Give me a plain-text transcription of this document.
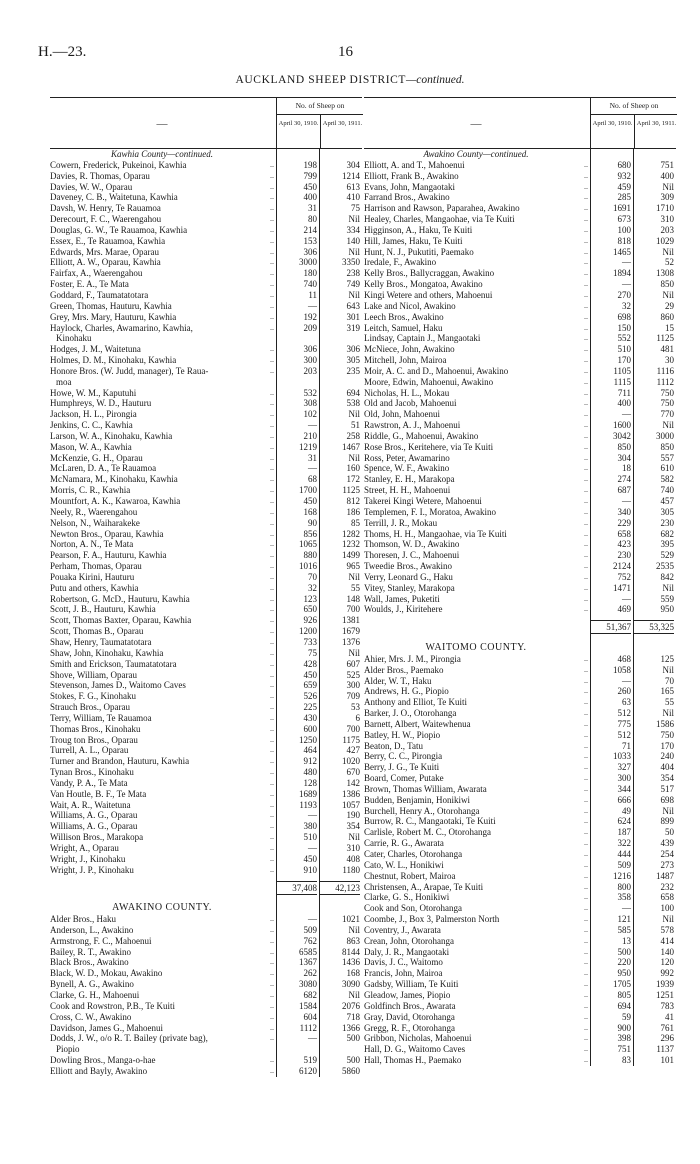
H.—23.	16
AUCKLAND SHEEP DISTRICT—continued.
—
No. of Sheep on
April 30, 1910. April 30, 1911.
Kawhia County—continued.
Cowern, Frederick, Pukeinoi, Kawhia	..	198	304
Davies, R. Thomas, Oparau	..	799	1214
Davies, W. W., Oparau	..	450	613
Daveney, C. B., Waitetuna, Kawhia	..	400	410
Davsh, W. Henry, Te Rauamoa	..	31	75
Derecourt, F. C., Waerengahou	..	80	Nil
Douglas, G. W., Te Rauamoa, Kawhia	..	214	334
Essex, E., Te Rauamoa, Kawhia	..	153	140
Edwards, Mrs. Marae, Oparau	..	306	Nil
Elliott, A. W., Oparau, Kawhia	..	3000	3350
Fairfax, A., Waerengahou	..	180	238
Foster, E. A., Te Mata	..	740	749
Goddard, F., Taumatatotara	..	11	Nil
Green, Thomas, Hauturu, Kawhia	..	—	643
Grey, Mrs. Mary, Hauturu, Kawhia	..	192	301
Haylock, Charles, Awamarino, Kawhia,	..	209	319
Kinohaku
Hodges, J. M., Waitetuna	..	306	306
Holmes, D. M., Kinohaku, Kawhia	..	300	305
Honore Bros. (W. Judd, manager), Te Raua-	..	203	235
moa
Howe, W. M., Kaputuhi	..	532	694
Humphreys, W. D., Hauturu	..	308	538
Jackson, H. L., Pirongia	..	102	Nil
Jenkins, C. C., Kawhia	..	—	51
Larson, W. A., Kinohaku, Kawhia	..	210	258
Mason, W. A., Kawhia	..	1219	1467
McKenzie, G. H., Oparau	..	31	Nil
McLaren, D. A., Te Rauamoa	..	—	160
McNamara, M., Kinohaku, Kawhia	..	68	172
Morris, C. R., Kawhia	..	1700	1125
Mountfort, A. K., Kawaroa, Kawhia	..	450	812
Neely, R., Waerengahou	..	168	186
Nelson, N., Waiharakeke	..	90	85
Newton Bros., Oparau, Kawhia	..	856	1282
Norton, A. N., Te Mata	..	1065	1232
Pearson, F. A., Hauturu, Kawhia	..	880	1499
Perham, Thomas, Oparau	..	1016	965
Pouaka Kirini, Hauturu	..	70	Nil
Putu and others, Kawhia	..	32	55
Robertson, G. McD., Hauturu, Kawhia	..	123	148
Scott, J. B., Hauturu, Kawhia	..	650	700
Scott, Thomas Baxter, Oparau, Kawhia	..	926	1381
Scott, Thomas B., Oparau	..	1200	1679
Shaw, Henry, Taumatatotara	..	733	1376
Shaw, John, Kinohaku, Kawhia	..	75	Nil
Smith and Erickson, Taumatatotara	..	428	607
Shove, William, Oparau	..	450	525
Stevenson, James D., Waitomo Caves	..	659	300
Stokes, F. G., Kinohaku	..	526	709
Strauch Bros., Oparau	..	225	53
Terry, William, Te Rauamoa	..	430	6
Thomas Bros., Kinohaku	..	600	700
Troug ton Bros., Oparau	..	1250	1175
Turrell, A. L., Oparau	..	464	427
Turner and Brandon, Hauturu, Kawhia	..	912	1020
Tynan Bros., Kinohaku	..	480	670
Vandy, P. A., Te Mata	..	128	142
Van Houtle, B. F., Te Mata	..	1689	1386
Wait, A. R., Waitetuna	..	1193	1057
Williams, A. G., Oparau	..	—	190
Williams, A. G., Oparau	..	380	354
Willison Bros., Marakopa	..	510	Nil
Wright, A., Oparau	..	—	310
Wright, J., Kinohaku	..	450	408
Wright, J. P., Kinohaku	..	910	1180
37,408	42,123
AWAKINO COUNTY.
Alder Bros., Haku	..	—	1021
Anderson, L., Awakino	..	509	Nil
Armstrong, F. C., Mahoenui	..	762	863
Bailey, R. T., Awakino	..	6585	8144
Black Bros., Awakino	..	1367	1436
Black, W. D., Mokau, Awakino	..	262	168
Bynell, A. G., Awakino	..	3080	3090
Clarke, G. H., Mahoenui	..	682	Nil
Cook and Rowstron, P.B., Te Kuiti	..	1584	2076
Cross, C. W., Awakino	..	604	718
Davidson, James G., Mahoenui	..	1112	1366
Dodds, J. W., o/o R. T. Bailey (private bag),	..	—	500
Piopio
Dowling Bros., Manga-o-hae	..	519	500
Elliott and Bayly, Awakino	..	6120	5860
—
No. of Sheep on
April 30, 1910. April 30, 1911.
Awakino County—continued.
Elliott, A. and T., Mahoenui	..	680	751
Elliott, Frank B., Awakino	..	932	400
Evans, John, Mangaotaki	..	459	Nil
Farrand Bros., Awakino	..	285	309
Harrison and Rawson, Paparahea, Awakino	..	1691	1710
Healey, Charles, Mangaohae, via Te Kuiti	..	673	310
Higginson, A., Haku, Te Kuiti	..	100	203
Hill, James, Haku, Te Kuiti	..	818	1029
Hunt, N. J., Pukutiti, Paemako	..	1465	Nil
Iredale, F., Awakino	..	—	52
Kelly Bros., Ballycraggan, Awakino	..	1894	1308
Kelly Bros., Mongatoa, Awakino	..	—	850
Kingi Wetere and others, Mahoenui	..	270	Nil
Lake and Nicol, Awakino	..	32	29
Leech Bros., Awakino	..	698	860
Leitch, Samuel, Haku	..	150	15
Lindsay, Captain J., Mangaotaki	..	552	1125
McNiece, John, Awakino	..	510	481
Mitchell, John, Mairoa	..	170	30
Moir, A. C. and D., Mahoenui, Awakino	..	1105	1116
Moore, Edwin, Mahoenui, Awakino	..	1115	1112
Nicholas, H. L., Mokau	..	711	750
Old and Jacob, Mahoenui	..	400	750
Old, John, Mahoenui	..	—	770
Rawstron, A. J., Mahoenui	..	1600	Nil
Riddle, G., Mahoenui, Awakino	..	3042	3000
Rose Bros., Keritehere, via Te Kuiti	..	850	850
Ross, Peter, Awamarino	..	304	557
Spence, W. F., Awakino	..	18	610
Stanley, E. H., Marakopa	..	274	582
Street, H. H., Mahoenui	..	687	740
Takerei Kingi Wetere, Mahoenui	..	—	457
Templemen, F. I., Moratoa, Awakino	..	340	305
Terrill, J. R., Mokau	..	229	230
Thoms, H. H., Mangaohae, via Te Kuiti	..	658	682
Thomson, W. D., Awakino	..	423	395
Thoresen, J. C., Mahoenui	..	230	529
Tweedie Bros., Awakino	..	2124	2535
Verry, Leonard G., Haku	..	752	842
Vitey, Stanley, Marakopa	..	1471	Nil
Wall, James, Puketiti	..	—	559
Woulds, J., Kiritehere	..	469	950
51,367	53,325
WAITOMO COUNTY.
Ahier, Mrs. J. M., Pirongia	..	468	125
Alder Bros., Paemako	..	1058	Nil
Alder, W. T., Haku	..	—	70
Andrews, H. G., Piopio	..	260	165
Anthony and Elliot, Te Kuiti	..	63	55
Barker, J. O., Otorohanga	..	512	Nil
Barnett, Albert, Waitewhenua	..	775	1586
Batley, H. W., Piopio	..	512	750
Beaton, D., Tatu	..	71	170
Berry, C. C., Pirongia	..	1033	240
Berry, J. G., Te Kuiti	..	327	404
Board, Comer, Putake	..	300	354
Brown, Thomas William, Awarata	..	344	517
Budden, Benjamin, Honikiwi	..	666	698
Burchell, Henry A., Otorohanga	..	49	Nil
Burrow, R. C., Mangaotaki, Te Kuiti	..	624	899
Carlisle, Robert M. C., Otorohanga	..	187	50
Carrie, R. G., Awarata	..	322	439
Cater, Charles, Otorohanga	..	444	254
Cato, W. L., Honikiwi	..	509	273
Chestnut, Robert, Mairoa	..	1216	1487
Christensen, A., Arapae, Te Kuiti	..	800	232
Clarke, G. S., Honikiwi	..	358	658
Cook and Son, Otorohanga	..	—	100
Coombe, J., Box 3, Palmerston North	..	121	Nil
Coventry, J., Awarata	..	585	578
Crean, John, Otorohanga	..	13	414
Daly, J. R., Mangaotaki	..	500	140
Davis, J. C., Waitomo	..	220	120
Francis, John, Mairoa	..	950	992
Gadsby, William, Te Kuiti	..	1705	1939
Gleadow, James, Piopio	..	805	1251
Goldfinch Bros., Awarata	..	694	783
Gray, David, Otorohanga	..	59	41
Gregg, R. F., Otorohanga	..	900	761
Gribbon, Nicholas, Mahoenui	..	398	296
Hall, D. G., Waitomo Caves	..	751	1137
Hall, Thomas H., Paemako	..	83	101
